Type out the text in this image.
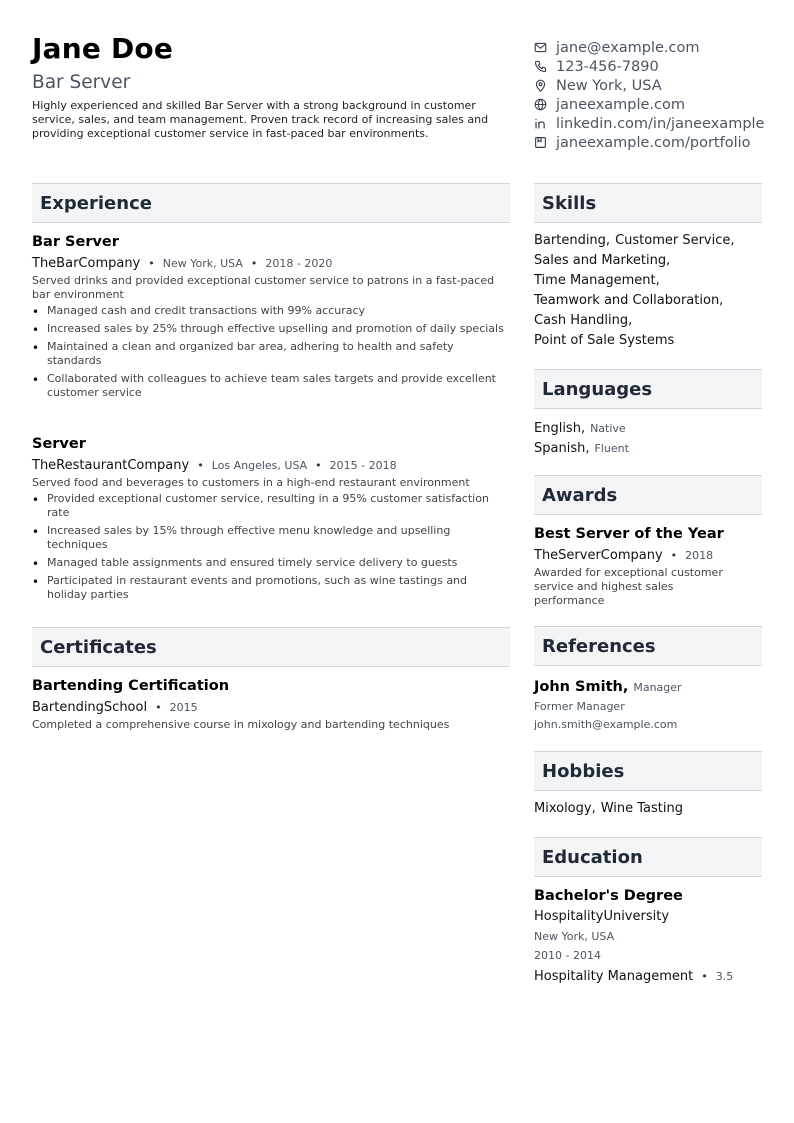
Jane Doe
Bar Server
Highly experienced and skilled Bar Server with a strong background in customer service, sales, and team management. Proven track record of increasing sales and providing exceptional customer service in fast-paced bar environments.
jane@example.com
123-456-7890
New York, USA
janeexample.com
linkedin.com/in/janeexample
janeexample.com/portfolio
Experience
Bar Server
TheBarCompany • New York, USA • 2018 - 2020
Served drinks and provided exceptional customer service to patrons in a fast-paced bar environment
• Managed cash and credit transactions with 99% accuracy
• Increased sales by 25% through effective upselling and promotion of daily specials
• Maintained a clean and organized bar area, adhering to health and safety standards
• Collaborated with colleagues to achieve team sales targets and provide excellent customer service
Server
TheRestaurantCompany • Los Angeles, USA • 2015 - 2018
Served food and beverages to customers in a high-end restaurant environment
• Provided exceptional customer service, resulting in a 95% customer satisfaction rate
• Increased sales by 15% through effective menu knowledge and upselling techniques
• Managed table assignments and ensured timely service delivery to guests
• Participated in restaurant events and promotions, such as wine tastings and holiday parties
Certificates
Bartending Certification
BartendingSchool • 2015
Completed a comprehensive course in mixology and bartending techniques
Skills
Bartending, Customer Service,Sales and Marketing,
Time Management,
Teamwork and Collaboration,
Cash Handling,
Point of Sale Systems
Languages
English, Native
Spanish, Fluent
Awards
Best Server of the Year
TheServerCompany • 2018
Awarded for exceptional customer service and highest sales performance
References
John Smith, Manager
Former Manager
john.smith@example.com
Hobbies
Mixology, Wine Tasting
Education
Bachelor's Degree
HospitalityUniversity
New York, USA
2010 - 2014
Hospitality Management • 3.5
